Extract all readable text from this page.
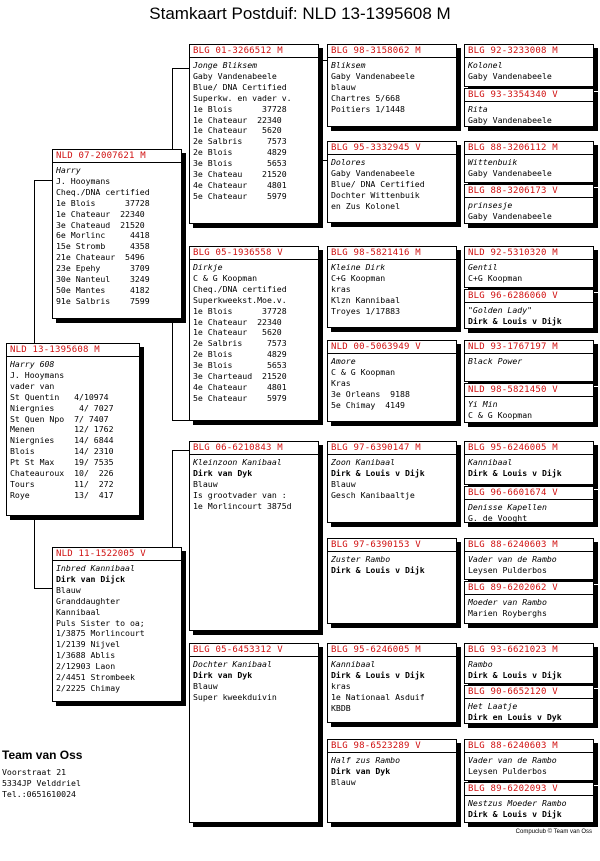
Stamkaart Postduif: NLD 13-1395608 M
NLD 13-1395608 M
Harry 608
J. Hooymans
vader van
St Quentin   4/10974
Niergnies     4/ 7027
St Quen Npo  7/ 7407
Menen        12/ 1762
Niergnies    14/ 6844
Blois        14/ 2310
Pt St Max    19/ 7535
Chateauroux  10/  226
Tours        11/  272
Roye         13/  417
NLD 07-2007621 M
Harry
J. Hooymans
Cheq./DNA certified
1e Blois      37728
1e Chateaur  22340
3e Chateaud  21520
6e Morlinc     4418
15e Stromb     4358
21e Chateaur  5496
23e Epehy      3709
30e Nanteul    3249
50e Mantes     4182
91e Salbris    7599
NLD 11-1522005 V
Inbred Kannibaal
Dirk van Dijck
Blauw
Granddaughter
Kannibaal
Puls Sister to oa;
1/3875 Morlincourt
1/2139 Nijvel
1/3688 Ablis
2/12903 Laon
2/4451 Strombeek
2/2225 Chimay
BLG 01-3266512 M
Jonge Bliksem
Gaby Vandenabeele
Blue/ DNA Certified
Superkw. en vader v.
1e Blois      37728
1e Chateaur  22340
1e Chateaur   5620
2e Salbris     7573
2e Blois       4829
3e Blois       5653
3e Chateau    21520
4e Chateaur    4801
5e Chateaur    5979
BLG 05-1936558 V
Dirkje
C & G Koopman
Cheq./DNA certified
Superkweekst.Moe.v.
1e Blois      37728
1e Chateaur  22340
1e Chateaur   5620
2e Salbris     7573
2e Blois       4829
3e Blois       5653
3e Charteaud  21520
4e Chateaur    4801
5e Chateaur    5979
BLG 06-6210843 M
Kleinzoon Kanibaal
Dirk van Dyk
Blauw
Is grootvader van :
1e Morlincourt 3875d
BLG 05-6453312 V
Dochter Kanibaal
Dirk van Dyk
Blauw
Super kweekduivin
BLG 98-3158062 M
Bliksem
Gaby Vandenabeele
blauw
Chartres 5/668
Poitiers 1/1448
BLG 95-3332945 V
Dolores
Gaby Vandenabeele
Blue/ DNA Certified
Dochter Wittenbuik
en Zus Kolonel
BLG 98-5821416 M
Kleine Dirk
C+G Koopman
kras
Klzn Kannibaal
Troyes 1/17883
NLD 00-5063949 V
Amore
C & G Koopman
Kras
3e Orleans  9188
5e Chimay  4149
BLG 97-6390147 M
Zoon Kanibaal
Dirk & Louis v Dijk
Blauw
Gesch Kanibaaltje
BLG 97-6390153 V
Zuster Rambo
Dirk & Louis v Dijk
BLG 95-6246005 M
Kannibaal
Dirk & Louis v Dijk
kras
1e Nationaal Asduif
KBDB
BLG 98-6523289 V
Half zus Rambo
Dirk van Dyk
Blauw
BLG 92-3233008 M
Kolonel
Gaby Vandenabeele
BLG 93-3354340 V
Rita
Gaby Vandenabeele
BLG 88-3206112 M
Wittenbuik
Gaby Vandenabeele
BLG 88-3206173 V
prinsesje
Gaby Vandenabeele
NLD 92-5310320 M
Gentil
C+G Koopman
BLG 96-6286060 V
"Golden Lady"
Dirk & Louis v Dijk
NLD 93-1767197 M
Black Power
NLD 98-5821450 V
Yi Min
C & G Koopman
BLG 95-6246005 M
Kannibaal
Dirk & Louis v Dijk
BLG 96-6601674 V
Denisse Kapellen
G. de Vooght
BLG 88-6240603 M
Vader van de Rambo
Leysen Pulderbos
BLG 89-6202062 V
Moeder van Rambo
Marien Royberghs
BLG 93-6621023 M
Rambo
Dirk & Louis v Dijk
BLG 90-6652120 V
Het Laatje
Dirk en Louis v Dyk
BLG 88-6240603 M
Vader van de Rambo
Leysen Pulderbos
BLG 89-6202093 V
Nestzus Moeder Rambo
Dirk & Louis v Dijk
Team van Oss
Voorstraat 21
5334JP Velddriel
Tel.:0651610024
Compuclub © Team van Oss
